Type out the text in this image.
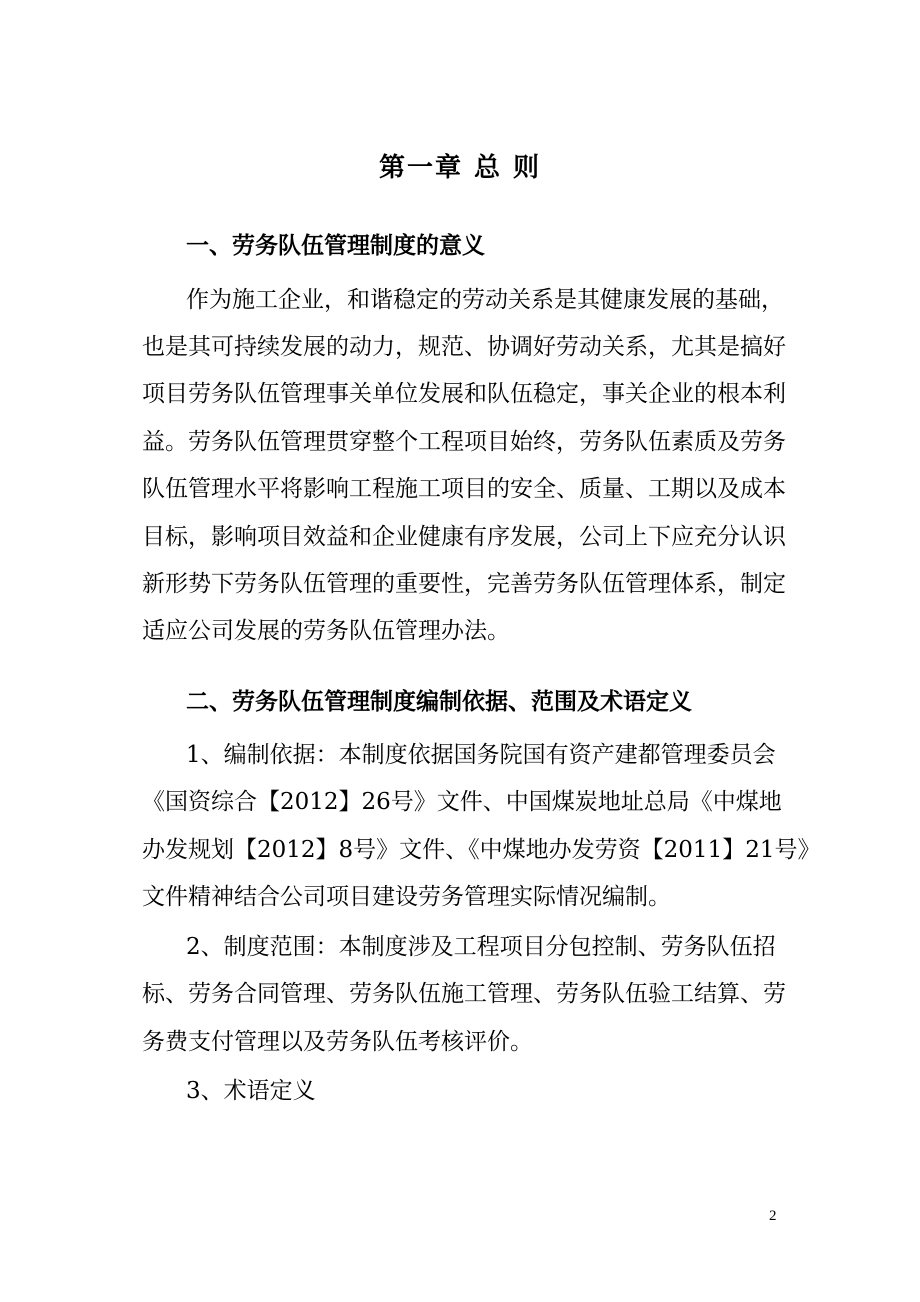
第一章 总 则
一、劳务队伍管理制度的意义
作为施工企业，和谐稳定的劳动关系是其健康发展的基础，
也是其可持续发展的动力，规范、协调好劳动关系，尤其是搞好
项目劳务队伍管理事关单位发展和队伍稳定，事关企业的根本利
益。劳务队伍管理贯穿整个工程项目始终，劳务队伍素质及劳务
队伍管理水平将影响工程施工项目的安全、质量、工期以及成本
目标，影响项目效益和企业健康有序发展，公司上下应充分认识
新形势下劳务队伍管理的重要性，完善劳务队伍管理体系，制定
适应公司发展的劳务队伍管理办法。
二、劳务队伍管理制度编制依据、范围及术语定义
1、编制依据：本制度依据国务院国有资产建都管理委员会
《国资综合【2012】26号》文件、中国煤炭地址总局《中煤地
办发规划【2012】8号》文件、《中煤地办发劳资【2011】21号》
文件精神结合公司项目建设劳务管理实际情况编制。
2、制度范围：本制度涉及工程项目分包控制、劳务队伍招
标、劳务合同管理、劳务队伍施工管理、劳务队伍验工结算、劳
务费支付管理以及劳务队伍考核评价。
3、术语定义
2
